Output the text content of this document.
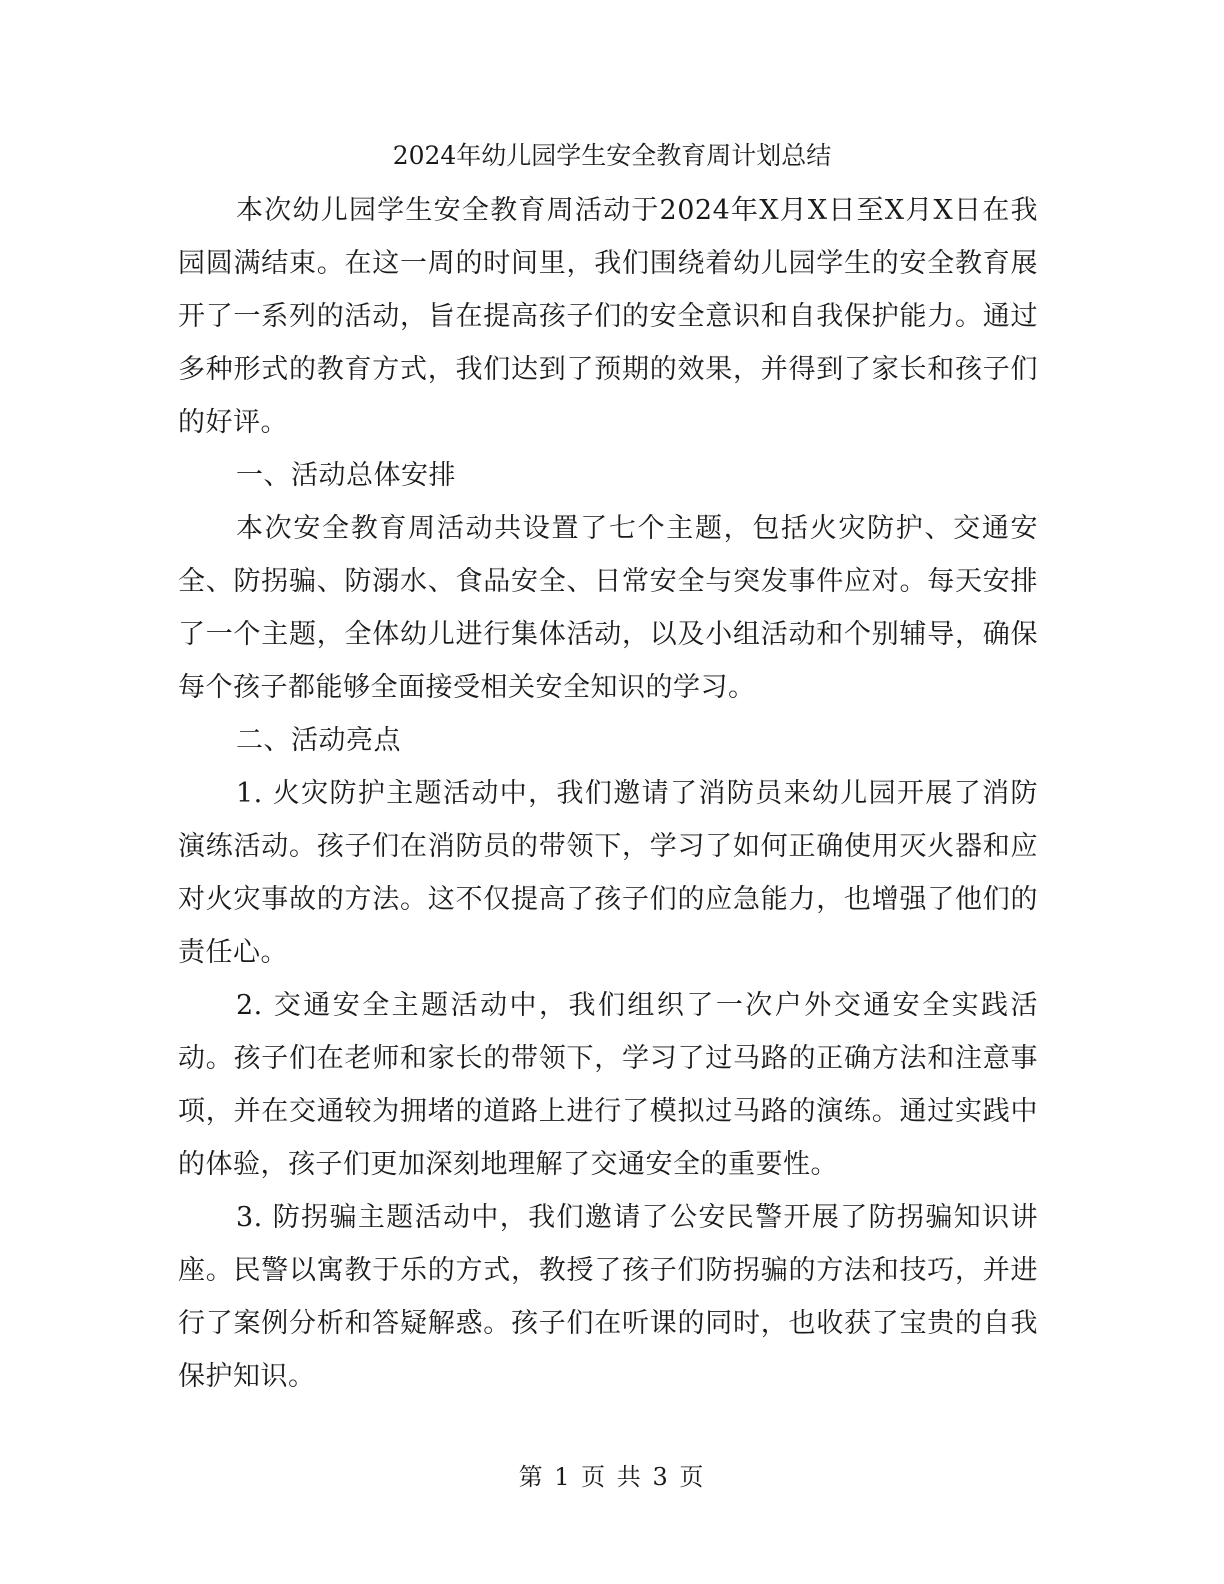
2024年幼儿园学生安全教育周计划总结

本次幼儿园学生安全教育周活动于2024年X月X日至X月X日在我园圆满结束。在这一周的时间里，我们围绕着幼儿园学生的安全教育展开了一系列的活动，旨在提高孩子们的安全意识和自我保护能力。通过多种形式的教育方式，我们达到了预期的效果，并得到了家长和孩子们的好评。

一、活动总体安排

本次安全教育周活动共设置了七个主题，包括火灾防护、交通安全、防拐骗、防溺水、食品安全、日常安全与突发事件应对。每天安排了一个主题，全体幼儿进行集体活动，以及小组活动和个别辅导，确保每个孩子都能够全面接受相关安全知识的学习。

二、活动亮点

1. 火灾防护主题活动中，我们邀请了消防员来幼儿园开展了消防演练活动。孩子们在消防员的带领下，学习了如何正确使用灭火器和应对火灾事故的方法。这不仅提高了孩子们的应急能力，也增强了他们的责任心。

2. 交通安全主题活动中，我们组织了一次户外交通安全实践活动。孩子们在老师和家长的带领下，学习了过马路的正确方法和注意事项，并在交通较为拥堵的道路上进行了模拟过马路的演练。通过实践中的体验，孩子们更加深刻地理解了交通安全的重要性。

3. 防拐骗主题活动中，我们邀请了公安民警开展了防拐骗知识讲座。民警以寓教于乐的方式，教授了孩子们防拐骗的方法和技巧，并进行了案例分析和答疑解惑。孩子们在听课的同时，也收获了宝贵的自我保护知识。

第 1 页 共 3 页
